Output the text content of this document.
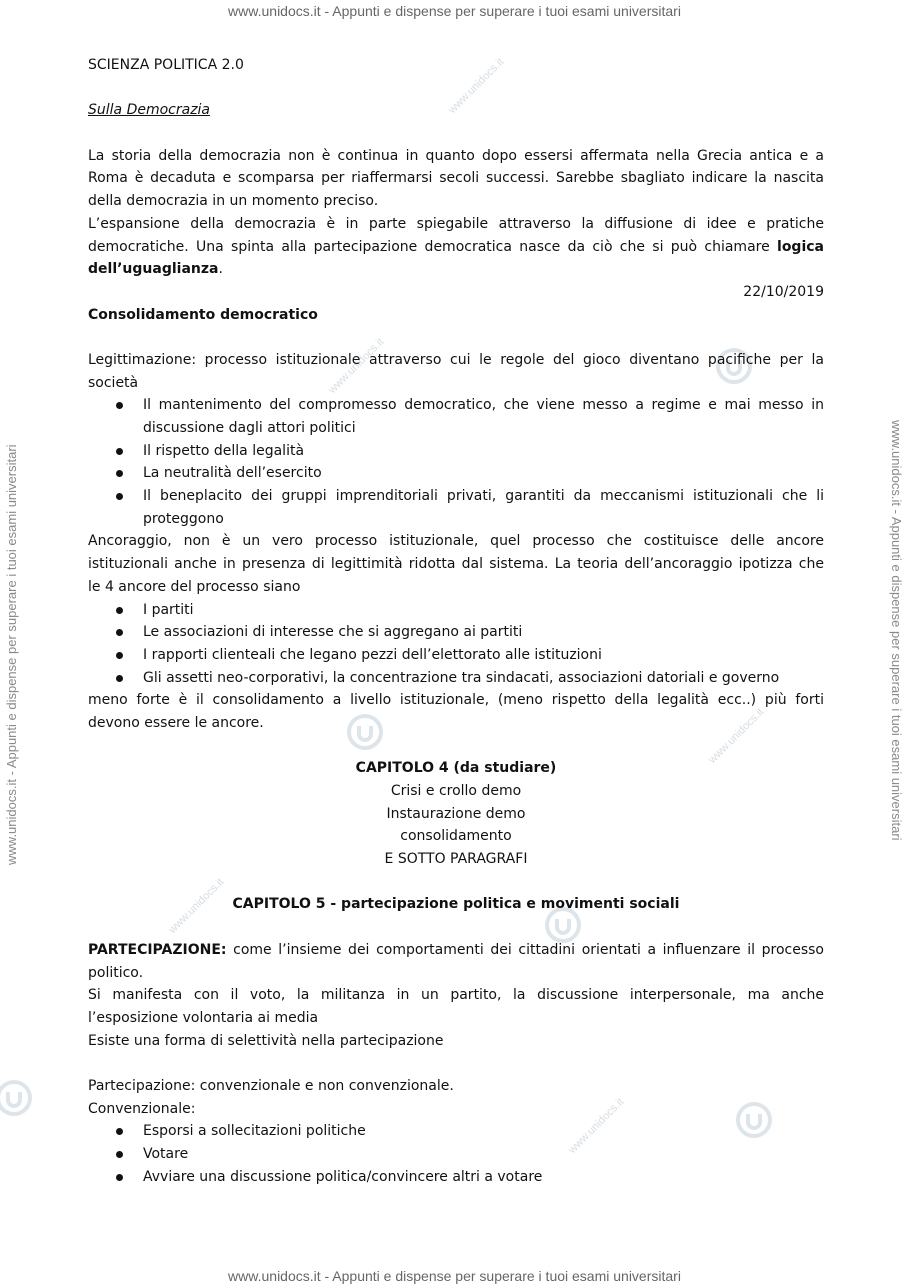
www.unidocs.it - Appunti e dispense per superare i tuoi esami universitari
www.unidocs.it - Appunti e dispense per superare i tuoi esami universitari
www.unidocs.it - Appunti e dispense per superare i tuoi esami universitari	www.unidocs.it - Appunti e dispense per superare i tuoi esami universitari
www.unidocs.it
www.unidocs.it
www.unidocs.it
www.unidocs.it
www.unidocs.it
SCIENZA POLITICA 2.0
Sulla Democrazia
La storia della democrazia non è continua in quanto dopo essersi affermata nella Grecia antica e a
Roma è decaduta e scomparsa per riaffermarsi secoli successi. Sarebbe sbagliato indicare la nascita
della democrazia in un momento preciso.
L’espansione della democrazia è in parte spiegabile attraverso la diffusione di idee e pratiche
democratiche. Una spinta alla partecipazione democratica nasce da ciò che si può chiamare logica
dell’uguaglianza.
22/10/2019
Consolidamento democratico
Legittimazione: processo istituzionale attraverso cui le regole del gioco diventano pacifiche per la
società
Il mantenimento del compromesso democratico, che viene messo a regime e mai messo in
discussione dagli attori politici
Il rispetto della legalità
La neutralità dell’esercito
Il beneplacito dei gruppi imprenditoriali privati, garantiti da meccanismi istituzionali che li
proteggono
Ancoraggio, non è un vero processo istituzionale, quel processo che costituisce delle ancore
istituzionali anche in presenza di legittimità ridotta dal sistema. La teoria dell’ancoraggio ipotizza che
le 4 ancore del processo siano
I partiti
Le associazioni di interesse che si aggregano ai partiti
I rapporti clienteali che legano pezzi dell’elettorato alle istituzioni
Gli assetti neo-corporativi, la concentrazione tra sindacati, associazioni datoriali e governo
meno forte è il consolidamento a livello istituzionale, (meno rispetto della legalità ecc..) più forti
devono essere le ancore.
CAPITOLO 4 (da studiare)
Crisi e crollo demo
Instaurazione demo
consolidamento
E SOTTO PARAGRAFI
CAPITOLO 5 - partecipazione politica e movimenti sociali
PARTECIPAZIONE: come l’insieme dei comportamenti dei cittadini orientati a influenzare il processo
politico.
Si manifesta con il voto, la militanza in un partito, la discussione interpersonale, ma anche
l’esposizione volontaria ai media
Esiste una forma di selettività nella partecipazione
Partecipazione: convenzionale e non convenzionale.
Convenzionale:
Esporsi a sollecitazioni politiche
Votare
Avviare una discussione politica/convincere altri a votare
